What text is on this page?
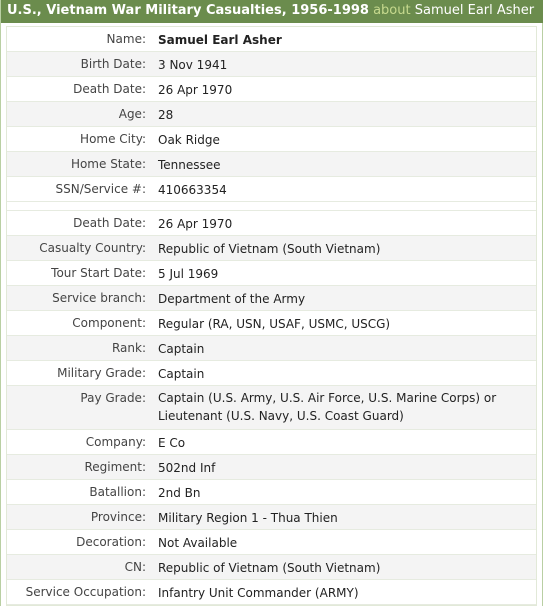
U.S., Vietnam War Military Casualties, 1956-1998 about Samuel Earl Asher
Name: Samuel Earl Asher
Birth Date: 3 Nov 1941
Death Date: 26 Apr 1970
Age: 28
Home City: Oak Ridge
Home State: Tennessee
SSN/Service #: 410663354
Death Date: 26 Apr 1970
Casualty Country: Republic of Vietnam (South Vietnam)
Tour Start Date: 5 Jul 1969
Service branch: Department of the Army
Component: Regular (RA, USN, USAF, USMC, USCG)
Rank: Captain
Military Grade: Captain
Pay Grade: Captain (U.S. Army, U.S. Air Force, U.S. Marine Corps) or Lieutenant (U.S. Navy, U.S. Coast Guard)
Company: E Co
Regiment: 502nd Inf
Batallion: 2nd Bn
Province: Military Region 1 - Thua Thien
Decoration: Not Available
CN: Republic of Vietnam (South Vietnam)
Service Occupation: Infantry Unit Commander (ARMY)
